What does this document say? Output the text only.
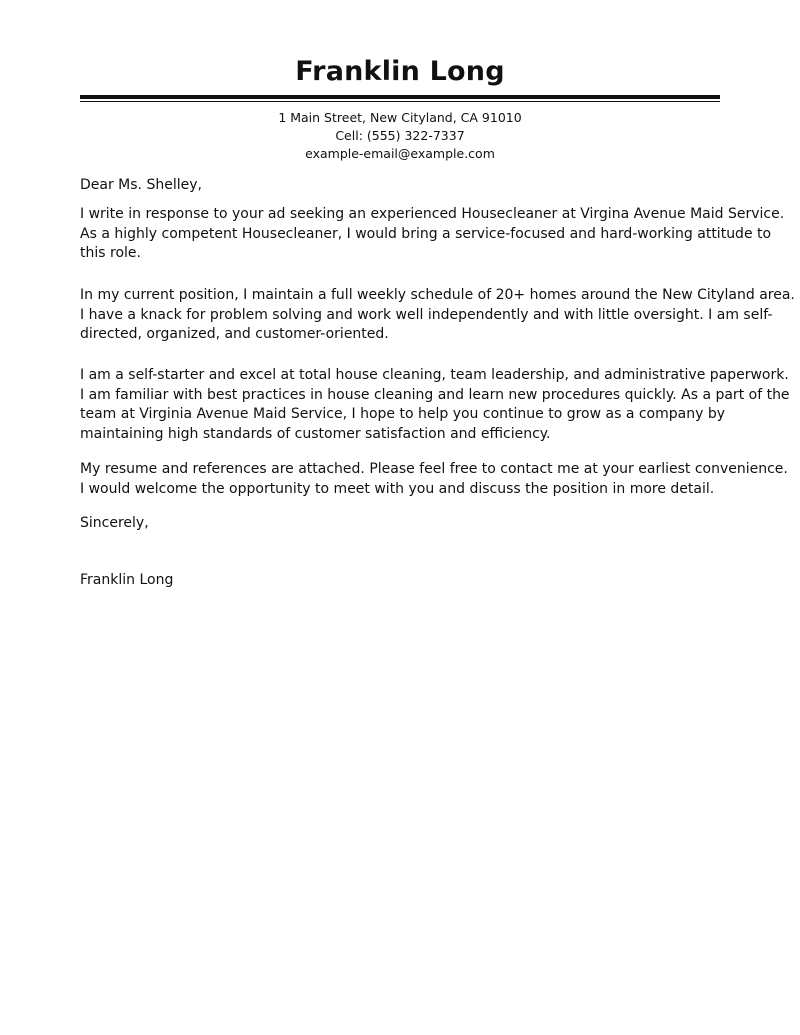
Franklin Long
1 Main Street, New Cityland, CA 91010
Cell: (555) 322-7337
example-email@example.com
Dear Ms. Shelley,
I write in response to your ad seeking an experienced Housecleaner at Virgina Avenue Maid Service.
As a highly competent Housecleaner, I would bring a service-focused and hard-working attitude to
this role.
In my current position, I maintain a full weekly schedule of 20+ homes around the New Cityland area.
I have a knack for problem solving and work well independently and with little oversight. I am self-
directed, organized, and customer-oriented.
I am a self-starter and excel at total house cleaning, team leadership, and administrative paperwork.
I am familiar with best practices in house cleaning and learn new procedures quickly. As a part of the
team at Virginia Avenue Maid Service, I hope to help you continue to grow as a company by
maintaining high standards of customer satisfaction and efficiency.
My resume and references are attached. Please feel free to contact me at your earliest convenience.
I would welcome the opportunity to meet with you and discuss the position in more detail.
Sincerely,
Franklin Long
